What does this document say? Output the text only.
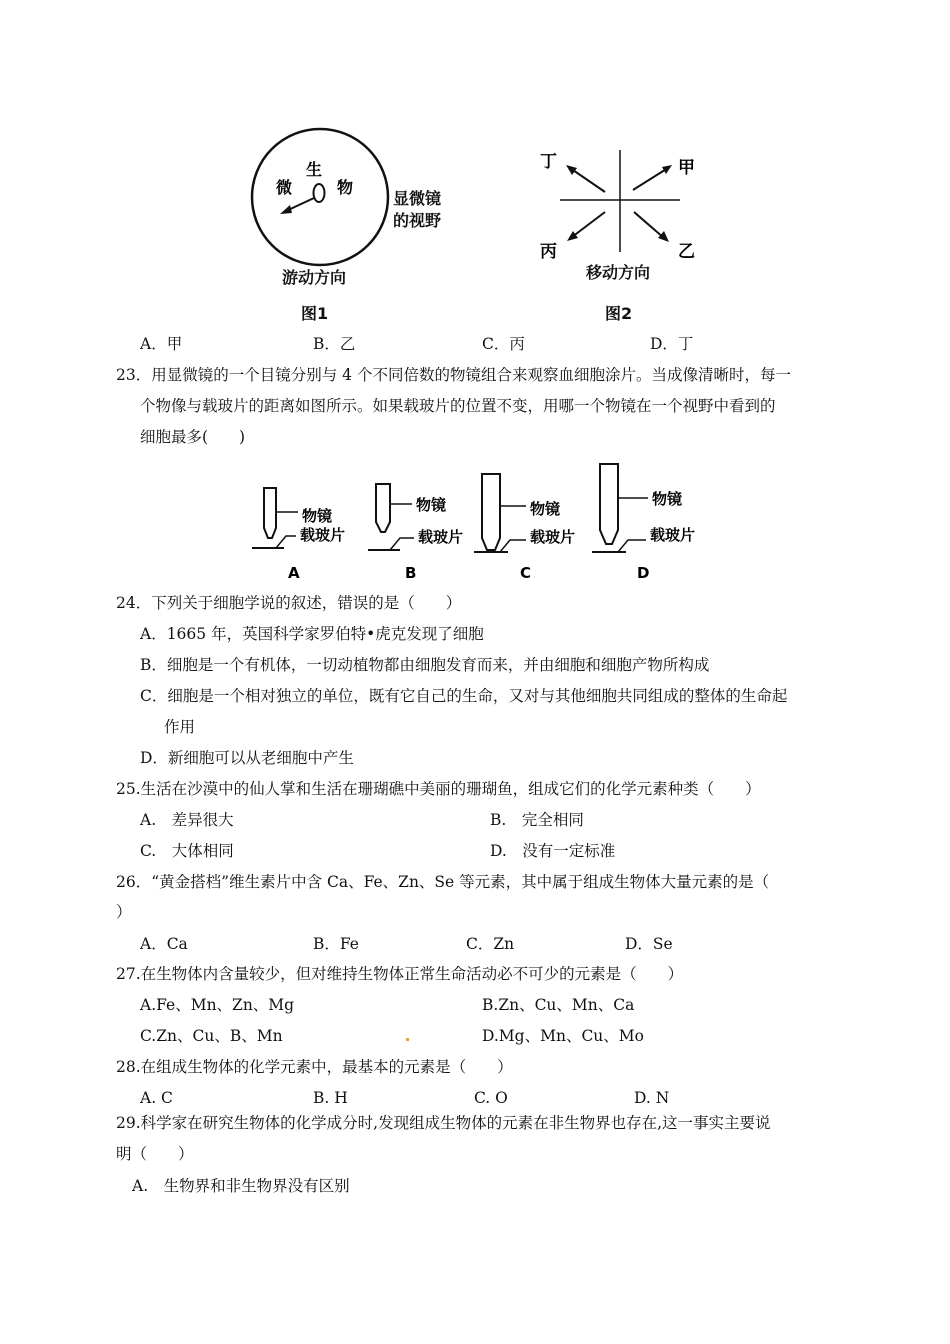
生
微	物
显微镜
的视野
游动方向
图1
丁	甲
丙	乙
移动方向
图2
A．甲	B．乙	C．丙	D．丁
23．用显微镜的一个目镜分别与 4 个不同倍数的物镜组合来观察血细胞涂片。当成像清晰时，每一
个物像与载玻片的距离如图所示。如果载玻片的位置不变，用哪一个物镜在一个视野中看到的
细胞最多(　　)
物镜
载玻片
A
物镜
载玻片
B
物镜
载玻片
C
物镜
载玻片
D
24．下列关于细胞学说的叙述，错误的是（　　）
A．1665 年，英国科学家罗伯特•虎克发现了细胞
B．细胞是一个有机体，一切动植物都由细胞发育而来，并由细胞和细胞产物所构成
C．细胞是一个相对独立的单位，既有它自己的生命，又对与其他细胞共同组成的整体的生命起
作用
D．新细胞可以从老细胞中产生
25.生活在沙漠中的仙人掌和生活在珊瑚礁中美丽的珊瑚鱼，组成它们的化学元素种类（　　）
A.　差异很大	B.　完全相同
C.　大体相同	D.　没有一定标准
26．“黄金搭档”维生素片中含 Ca、Fe、Zn、Se 等元素，其中属于组成生物体大量元素的是（
）
A．Ca	B．Fe	C．Zn	D．Se
27.在生物体内含量较少，但对维持生物体正常生命活动必不可少的元素是（　　）
A.Fe、Mn、Zn、Mg	B.Zn、Cu、Mn、Ca
C.Zn、Cu、B、Mn	D.Mg、Mn、Cu、Mo
28.在组成生物体的化学元素中，最基本的元素是（　　）
A. C	B. H	C. O	D. N
29.科学家在研究生物体的化学成分时,发现组成生物体的元素在非生物界也存在,这一事实主要说
明（　　）
A.　生物界和非生物界没有区别
